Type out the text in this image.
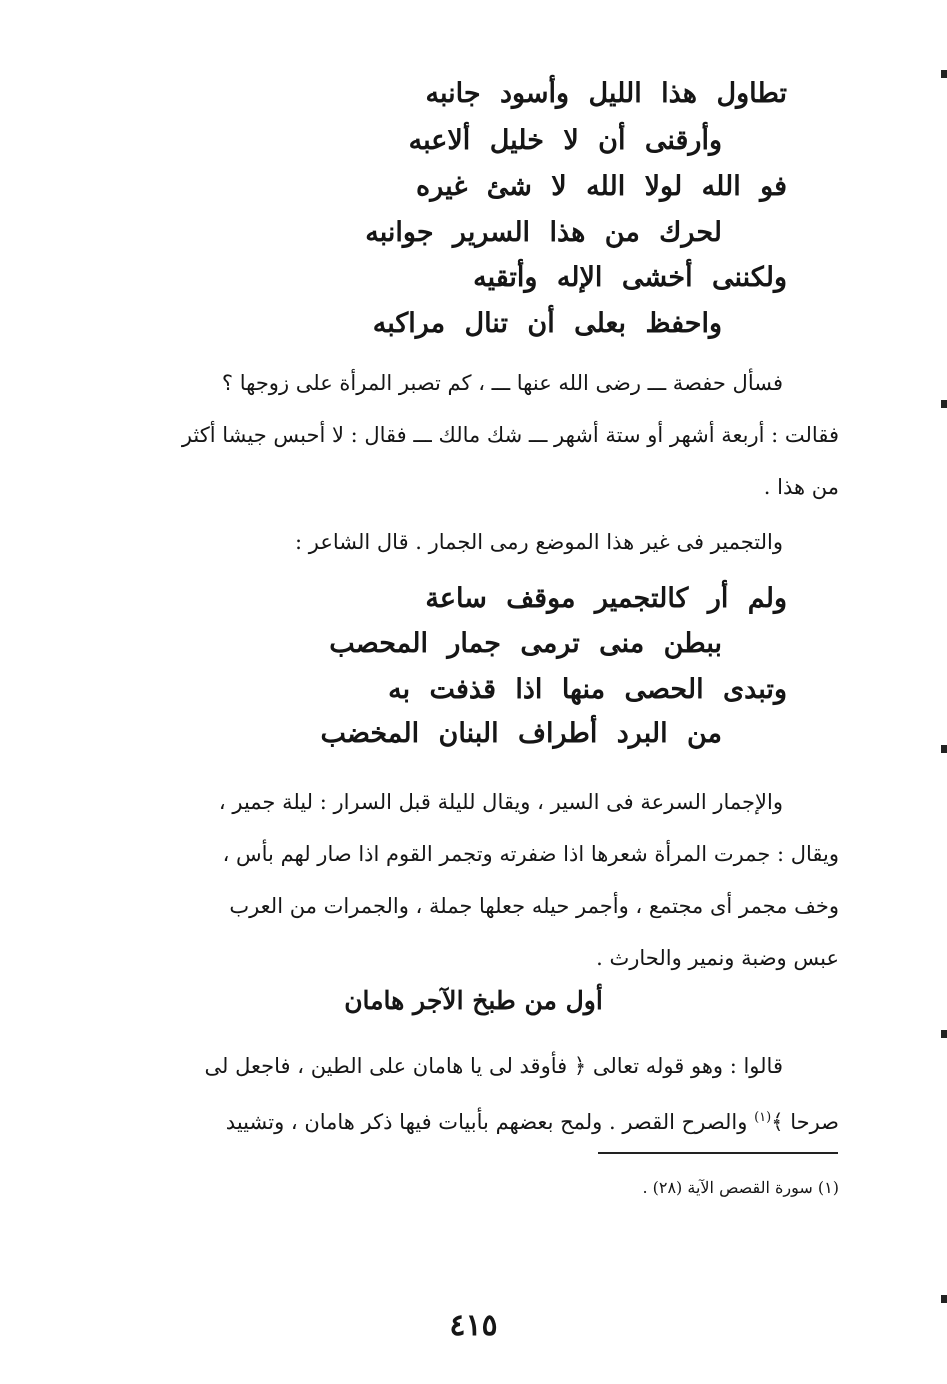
تطاول هذا الليل وأسود جانبه
وأرقنى أن لا خليل ألاعبه
فو الله لولا الله لا شئ غيره
لحرك من هذا السرير جوانبه
ولكننى أخشى الإله وأتقيه
واحفظ بعلى أن تنال مراكبه
فسأل حفصة ـــ رضى الله عنها ـــ ، كم تصبر المرأة على زوجها ؟
فقالت : أربعة أشهر أو ستة أشهر ـــ شك مالك ـــ فقال : لا أحبس جيشا أكثر
من هذا .
والتجمير فى غير هذا الموضع رمى الجمار . قال الشاعر :
ولم أر كالتجمير موقف ساعة
ببطن منى ترمى جمار المحصب
وتبدى الحصى منها اذا قذفت به
من البرد أطراف البنان المخضب
والإجمار السرعة فى السير ، ويقال لليلة قبل السرار : ليلة جمير ،
ويقال : جمرت المرأة شعرها اذا ضفرته وتجمر القوم اذا صار لهم بأس ،
وخف مجمر أى مجتمع ، وأجمر حيله جعلها جملة ، والجمرات من العرب
عبس وضبة ونمير والحارث .
أول من طبخ الآجر هامان
قالوا : وهو قوله تعالى ﴿ فأوقد لى يا هامان على الطين ، فاجعل لى
صرحا ﴾$^{(١)}$ والصرح القصر . ولمح بعضهم بأبيات فيها ذكر هامان ، وتشييد
(١) سورة القصص الآية (٢٨) .
٤١٥
